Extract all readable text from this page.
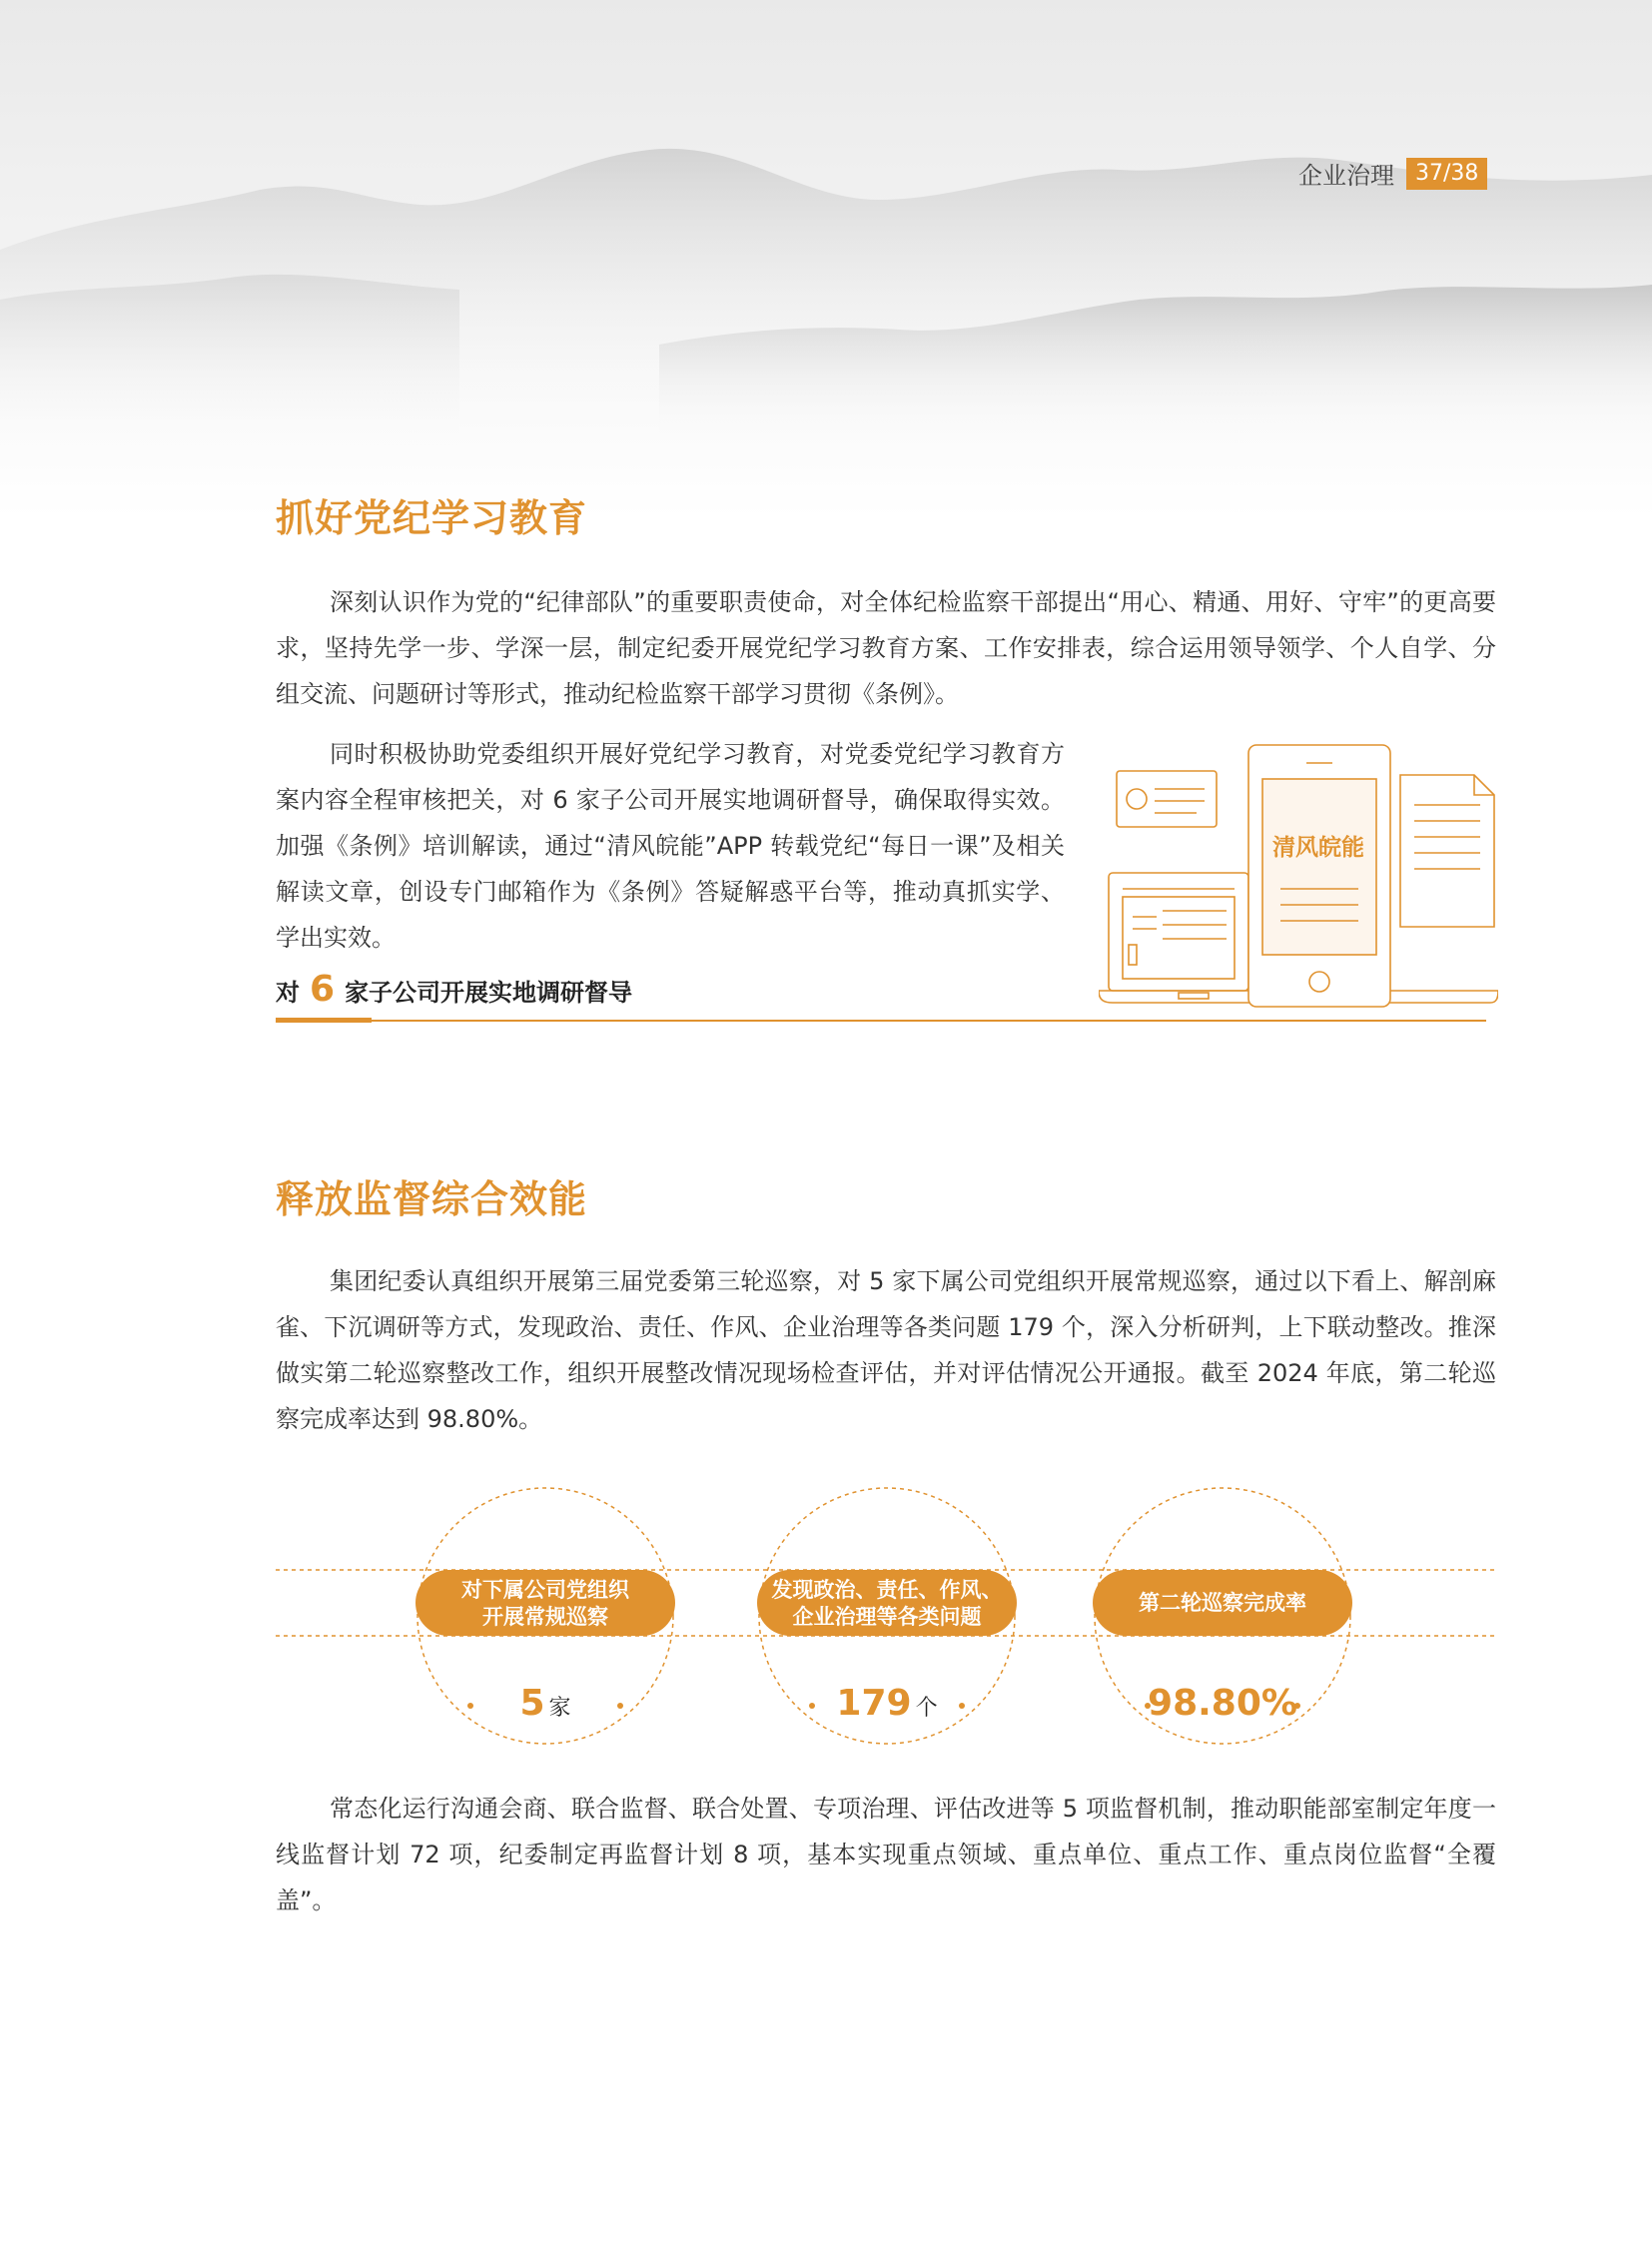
企业治理 37/38
抓好党纪学习教育

深刻认识作为党的“纪律部队”的重要职责使命，对全体纪检监察干部提出“用心、精通、用好、守牢”的更高要求，坚持先学一步、学深一层，制定纪委开展党纪学习教育方案、工作安排表，综合运用领导领学、个人自学、分组交流、问题研讨等形式，推动纪检监察干部学习贯彻《条例》。

同时积极协助党委组织开展好党纪学习教育，对党委党纪学习教育方案内容全程审核把关，对 6 家子公司开展实地调研督导，确保取得实效。加强《条例》培训解读，通过“清风皖能”APP 转载党纪“每日一课”及相关解读文章，创设专门邮箱作为《条例》答疑解惑平台等，推动真抓实学、学出实效。

清风皖能
对 6 家子公司开展实地调研督导
释放监督综合效能

集团纪委认真组织开展第三届党委第三轮巡察，对 5 家下属公司党组织开展常规巡察，通过以下看上、解剖麻雀、下沉调研等方式，发现政治、责任、作风、企业治理等各类问题 179 个，深入分析研判，上下联动整改。推深做实第二轮巡察整改工作，组织开展整改情况现场检查评估，并对评估情况公开通报。截至 2024 年底，第二轮巡察完成率达到 98.80%。

对下属公司党组织
开展常规巡察
发现政治、责任、作风、
企业治理等各类问题
第二轮巡察完成率
5 家	179 个	98.80%

常态化运行沟通会商、联合监督、联合处置、专项治理、评估改进等 5 项监督机制，推动职能部室制定年度一线监督计划 72 项，纪委制定再监督计划 8 项，基本实现重点领域、重点单位、重点工作、重点岗位监督“全覆盖”。
